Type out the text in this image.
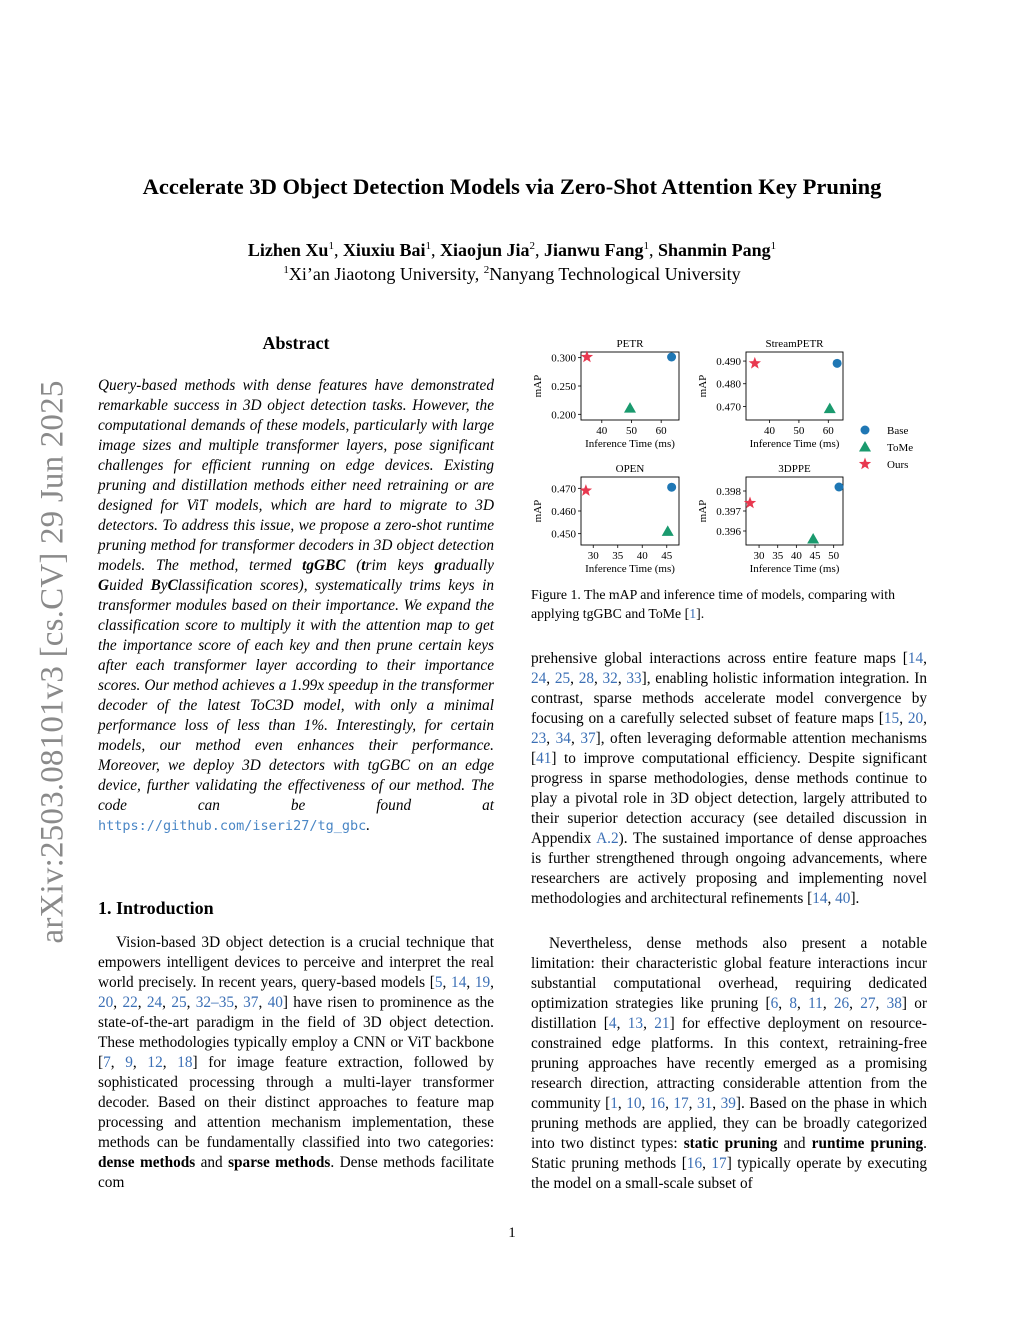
Accelerate 3D Object Detection Models via Zero-Shot Attention Key Pruning
Lizhen Xu$^1$, Xiuxiu Bai$^1$, Xiaojun Jia$^2$, Jianwu Fang$^1$, Shanmin Pang$^1$
$^1$Xi’an Jiaotong University, $^2$Nanyang Technological University
arXiv:2503.08101v3 [cs.CV] 29 Jun 2025
Abstract
Query-based methods with dense features have demonstrated remarkable success in 3D object detection tasks. However, the computational demands of these models, particularly with large image sizes and multiple transformer layers, pose significant challenges for efficient running on edge devices. Existing pruning and distillation methods either need retraining or are designed for ViT models, which are hard to migrate to 3D detectors. To address this issue, we propose a zero-shot runtime pruning method for transformer decoders in 3D object detection models. The method, termed tgGBC (trim keys gradually Guided ByClassification scores), systematically trims keys in transformer modules based on their importance. We expand the classification score to multiply it with the attention map to get the importance score of each key and then prune certain keys after each transformer layer according to their importance scores. Our method achieves a 1.99x speedup in the transformer decoder of the latest ToC3D model, with only a minimal performance loss of less than 1%. Interestingly, for certain models, our method even enhances their performance. Moreover, we deploy 3D detectors with tgGBC on an edge device, further validating the effectiveness of our method. The code can be found at https://github.com/iseri27/tg_gbc.
1. Introduction
Vision-based 3D object detection is a crucial technique that empowers intelligent devices to perceive and interpret the real world precisely. In recent years, query-based models [5, 14, 19, 20, 22, 24, 25, 32–35, 37, 40] have risen to prominence as the state-of-the-art paradigm in the field of 3D object detection. These methodologies typically employ a CNN or ViT backbone [7, 9, 12, 18] for image feature extraction, followed by sophisticated processing through a multi-layer transformer decoder. Based on their distinct approaches to feature map processing and attention mechanism implementation, these methods can be fundamentally classified into two categories: dense methods and sparse methods. Dense methods facilitate com
PETR
Inference Time (ms)
mAP
40 50 60
0.200
0.250
0.300
StreamPETR
Inference Time (ms)
mAP
40 50 60
0.470
0.480
0.490
OPEN
Inference Time (ms)
mAP
30 35 40 45
0.450
0.460
0.470
3DPPE
Inference Time (ms)
mAP
30 35 40 45 50
0.396
0.397
0.398
Base
ToMe
Ours
Figure 1. The mAP and inference time of models, comparing with applying tgGBC and ToMe [1].
prehensive global interactions across entire feature maps [14, 24, 25, 28, 32, 33], enabling holistic information integration. In contrast, sparse methods accelerate model convergence by focusing on a carefully selected subset of feature maps [15, 20, 23, 34, 37], often leveraging deformable attention mechanisms [41] to improve computational efficiency. Despite significant progress in sparse methodologies, dense methods continue to play a pivotal role in 3D object detection, largely attributed to their superior detection accuracy (see detailed discussion in Appendix A.2). The sustained importance of dense approaches is further strengthened through ongoing advancements, where researchers are actively proposing and implementing novel methodologies and architectural refinements [14, 40].
Nevertheless, dense methods also present a notable limitation: their characteristic global feature interactions incur substantial computational overhead, requiring dedicated optimization strategies like pruning [6, 8, 11, 26, 27, 38] or distillation [4, 13, 21] for effective deployment on resource-constrained edge platforms. In this context, retraining-free pruning approaches have recently emerged as a promising research direction, attracting considerable attention from the community [1, 10, 16, 17, 31, 39]. Based on the phase in which pruning methods are applied, they can be broadly categorized into two distinct types: static pruning and runtime pruning. Static pruning methods [16, 17] typically operate by executing the model on a small-scale subset of
1
